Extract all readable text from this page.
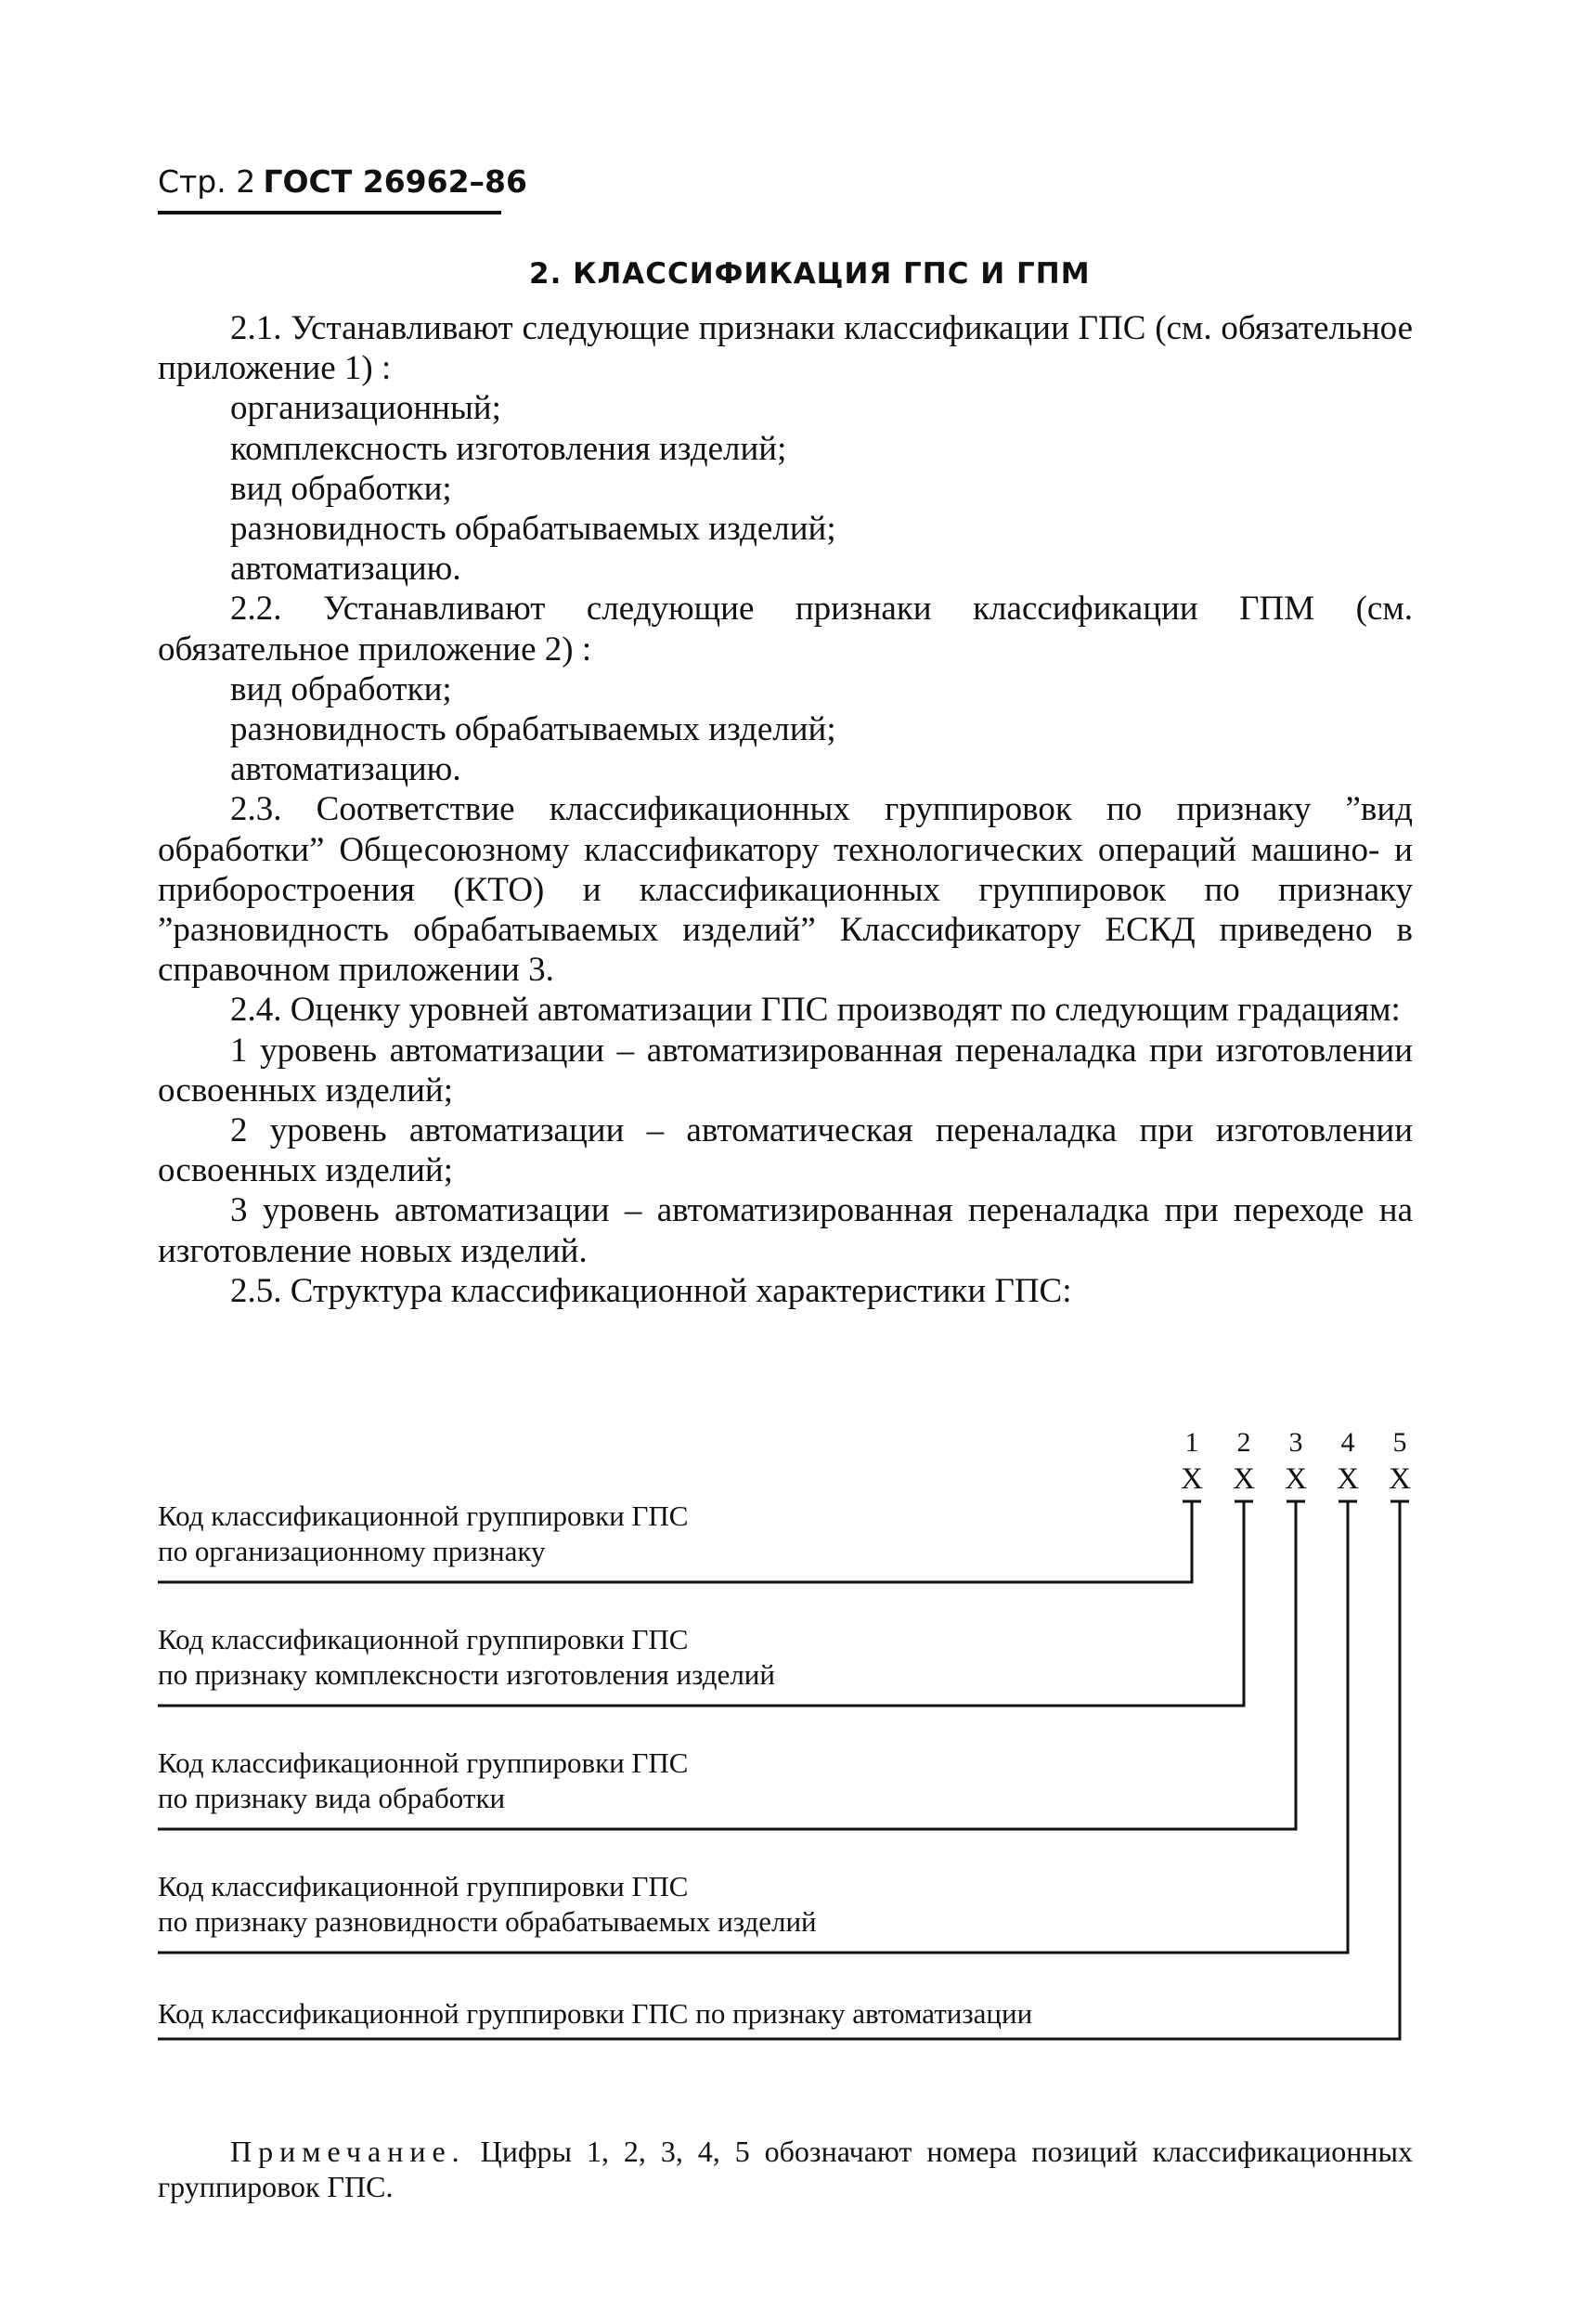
Стр. 2 ГОСТ 26962–86
2. КЛАССИФИКАЦИЯ ГПС И ГПМ

2.1. Устанавливают следующие признаки классификации ГПС (см. обязательное приложение 1) :

организационный;

комплексность изготовления изделий;

вид обработки;

разновидность обрабатываемых изделий;

автоматизацию.

2.2. Устанавливают следующие признаки классификации ГПМ (см. обязательное приложение 2) :

вид обработки;

разновидность обрабатываемых изделий;

автоматизацию.

2.3. Соответствие классификационных группировок по признаку ”вид обработки” Общесоюзному классификатору технологических операций машино- и приборостроения (КТО) и классификационных группировок по признаку ”разновидность обрабатываемых изделий” Классификатору ЕСКД приведено в справочном приложении 3.

2.4. Оценку уровней автоматизации ГПС производят по следующим градациям:

1 уровень автоматизации – автоматизированная переналадка при изготовлении освоенных изделий;

2 уровень автоматизации – автоматическая переналадка при изготовлении освоенных изделий;

3 уровень автоматизации – автоматизированная переналадка при переходе на изготовление новых изделий.

2.5. Структура классификационной характеристики ГПС:

1	2	3	4	5
Х Х Х Х Х
Код классификационной группировки ГПС
по организационному признаку
Код классификационной группировки ГПС
по признаку комплексности изготовления изделий
Код классификационной группировки ГПС
по признаку вида обработки
Код классификационной группировки ГПС
по признаку разновидности обрабатываемых изделий
Код классификационной группировки ГПС по признаку автоматизации

Примечание. Цифры 1, 2, 3, 4, 5 обозначают номера позиций классификационных группировок ГПС.
